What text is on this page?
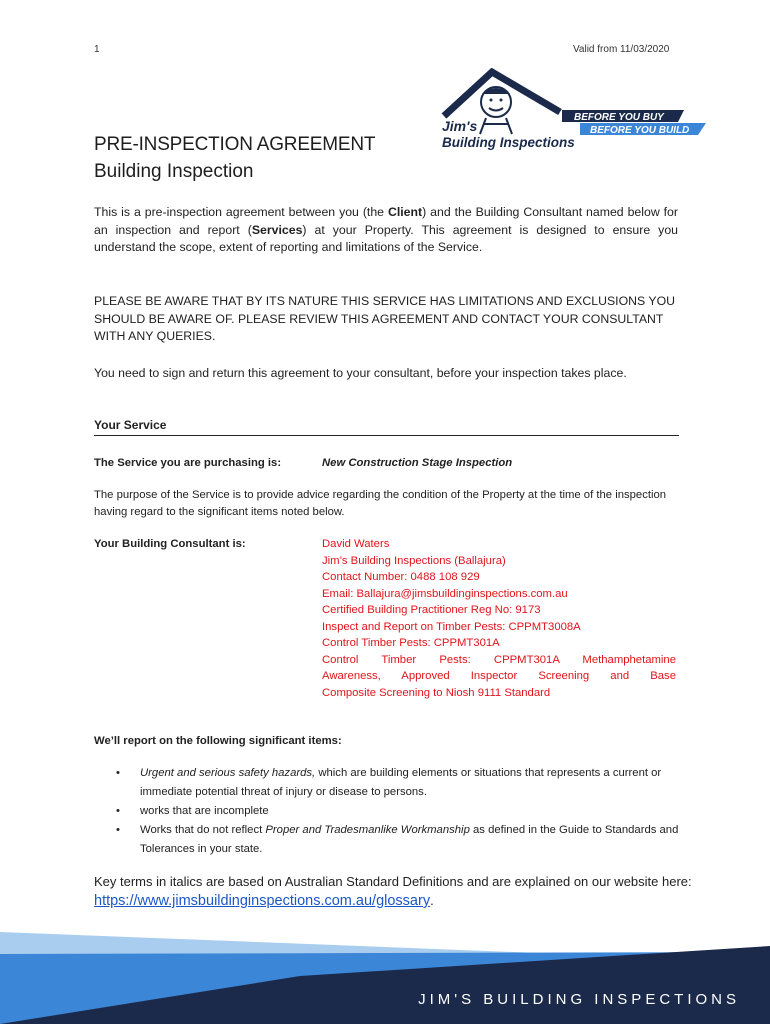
1	Valid from 11/03/2020
Jim's
Building Inspections
BEFORE YOU BUY
BEFORE YOU BUILD
PRE-INSPECTION AGREEMENT
Building Inspection
This is a pre-inspection agreement between you (the Client) and the Building Consultant named below for an inspection and report (Services) at your Property. This agreement is designed to ensure you understand the scope, extent of reporting and limitations of the Service.
PLEASE BE AWARE THAT BY ITS NATURE THIS SERVICE HAS LIMITATIONS AND EXCLUSIONS YOU SHOULD BE AWARE OF. PLEASE REVIEW THIS AGREEMENT AND CONTACT YOUR CONSULTANT WITH ANY QUERIES.
You need to sign and return this agreement to your consultant, before your inspection takes place.
Your Service
The Service you are purchasing is:	New Construction Stage Inspection
The purpose of the Service is to provide advice regarding the condition of the Property at the time of the inspection having regard to the significant items noted below.
Your Building Consultant is:	David Waters
Jim’s Building Inspections (Ballajura)
Contact Number: 0488 108 929
Email: Ballajura@jimsbuildinginspections.com.au
Certified Building Practitioner Reg No: 9173
Inspect and Report on Timber Pests: CPPMT3008A
Control Timber Pests: CPPMT301A
Control Timber Pests: CPPMT301A Methamphetamine
Awareness, Approved Inspector Screening and Base
Composite Screening to Niosh 9111 Standard
We’ll report on the following significant items:
• Urgent and serious safety hazards, which are building elements or situations that represents a current or immediate potential threat of injury or disease to persons.
• works that are incomplete
• Works that do not reflect Proper and Tradesmanlike Workmanship as defined in the Guide to Standards and Tolerances in your state.
Key terms in italics are based on Australian Standard Definitions and are explained on our website here: https://www.jimsbuildinginspections.com.au/glossary.
JIM'S BUILDING INSPECTIONS
